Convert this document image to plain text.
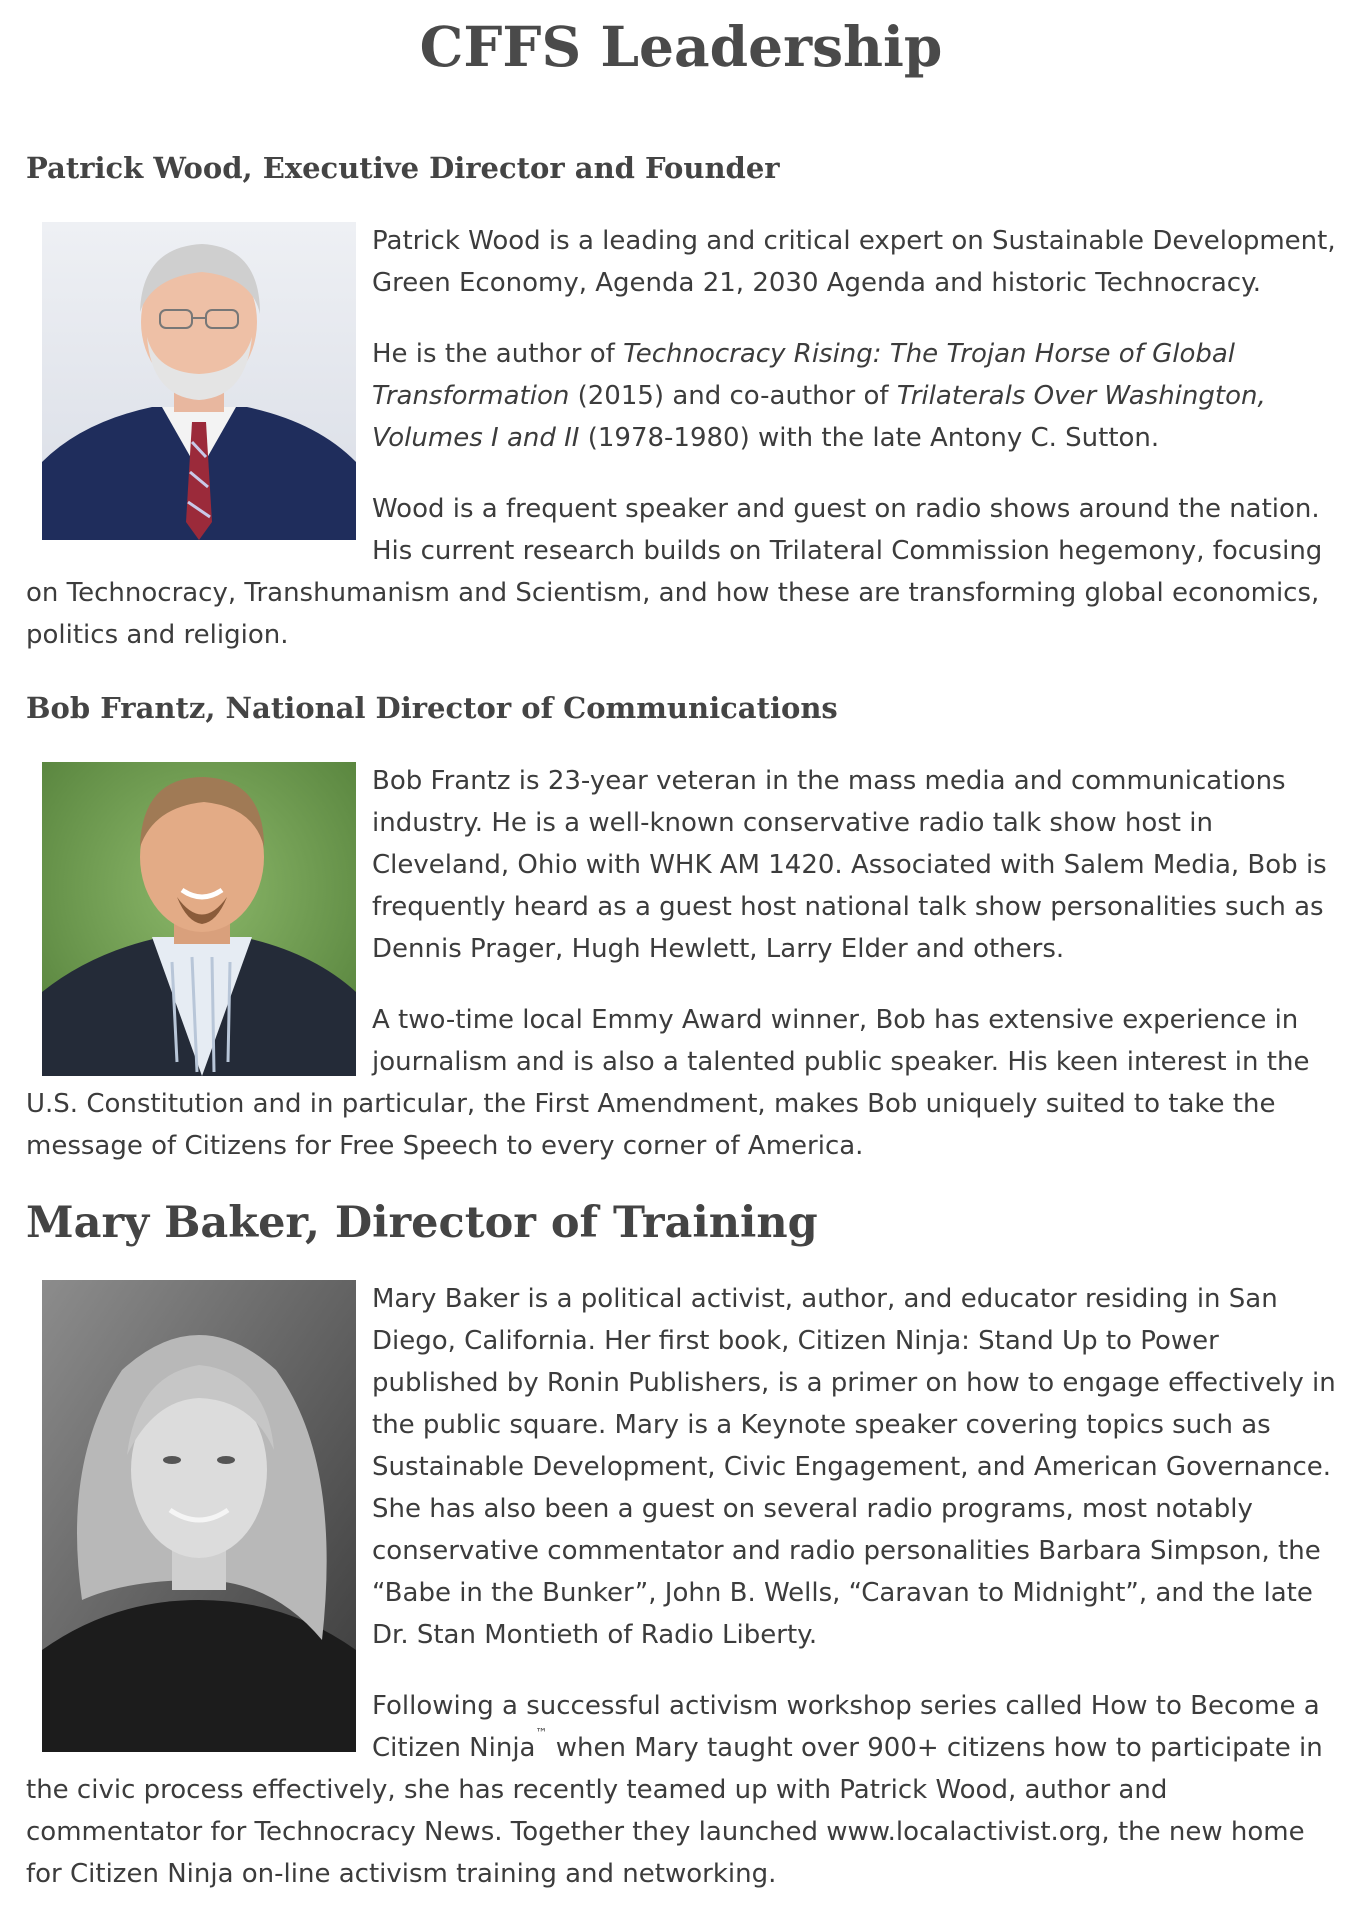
CFFS Leadership
Patrick Wood, Executive Director and Founder

Patrick Wood is a leading and critical expert on Sustainable Development, Green Economy, Agenda 21, 2030 Agenda and historic Technocracy.

He is the author of Technocracy Rising: The Trojan Horse of Global Transformation (2015) and co-author of Trilaterals Over Washington, Volumes I and II (1978-1980) with the late Antony C. Sutton.

Wood is a frequent speaker and guest on radio shows around the nation. His current research builds on Trilateral Commission hegemony, focusing on Technocracy, Transhumanism and Scientism, and how these are transforming global economics, politics and religion.

Bob Frantz, National Director of Communications

Bob Frantz is 23-year veteran in the mass media and communications industry. He is a well-known conservative radio talk show host in Cleveland, Ohio with WHK AM 1420. Associated with Salem Media, Bob is frequently heard as a guest host national talk show personalities such as Dennis Prager, Hugh Hewlett, Larry Elder and others.

A two-time local Emmy Award winner, Bob has extensive experience in journalism and is also a talented public speaker. His keen interest in the U.S. Constitution and in particular, the First Amendment, makes Bob uniquely suited to take the message of Citizens for Free Speech to every corner of America.

Mary Baker, Director of Training

Mary Baker is a political activist, author, and educator residing in San Diego, California. Her first book, Citizen Ninja: Stand Up to Power published by Ronin Publishers, is a primer on how to engage effectively in the public square. Mary is a Keynote speaker covering topics such as Sustainable Development, Civic Engagement, and American Governance. She has also been a guest on several radio programs, most notably conservative commentator and radio personalities Barbara Simpson, the “Babe in the Bunker”, John B. Wells, “Caravan to Midnight”, and the late Dr. Stan Montieth of Radio Liberty.

Following a successful activism workshop series called How to Become a Citizen Ninja™ when Mary taught over 900+ citizens how to participate in the civic process effectively, she has recently teamed up with Patrick Wood, author and commentator for Technocracy News. Together they launched www.localactivist.org, the new home for Citizen Ninja on-line activism training and networking.
